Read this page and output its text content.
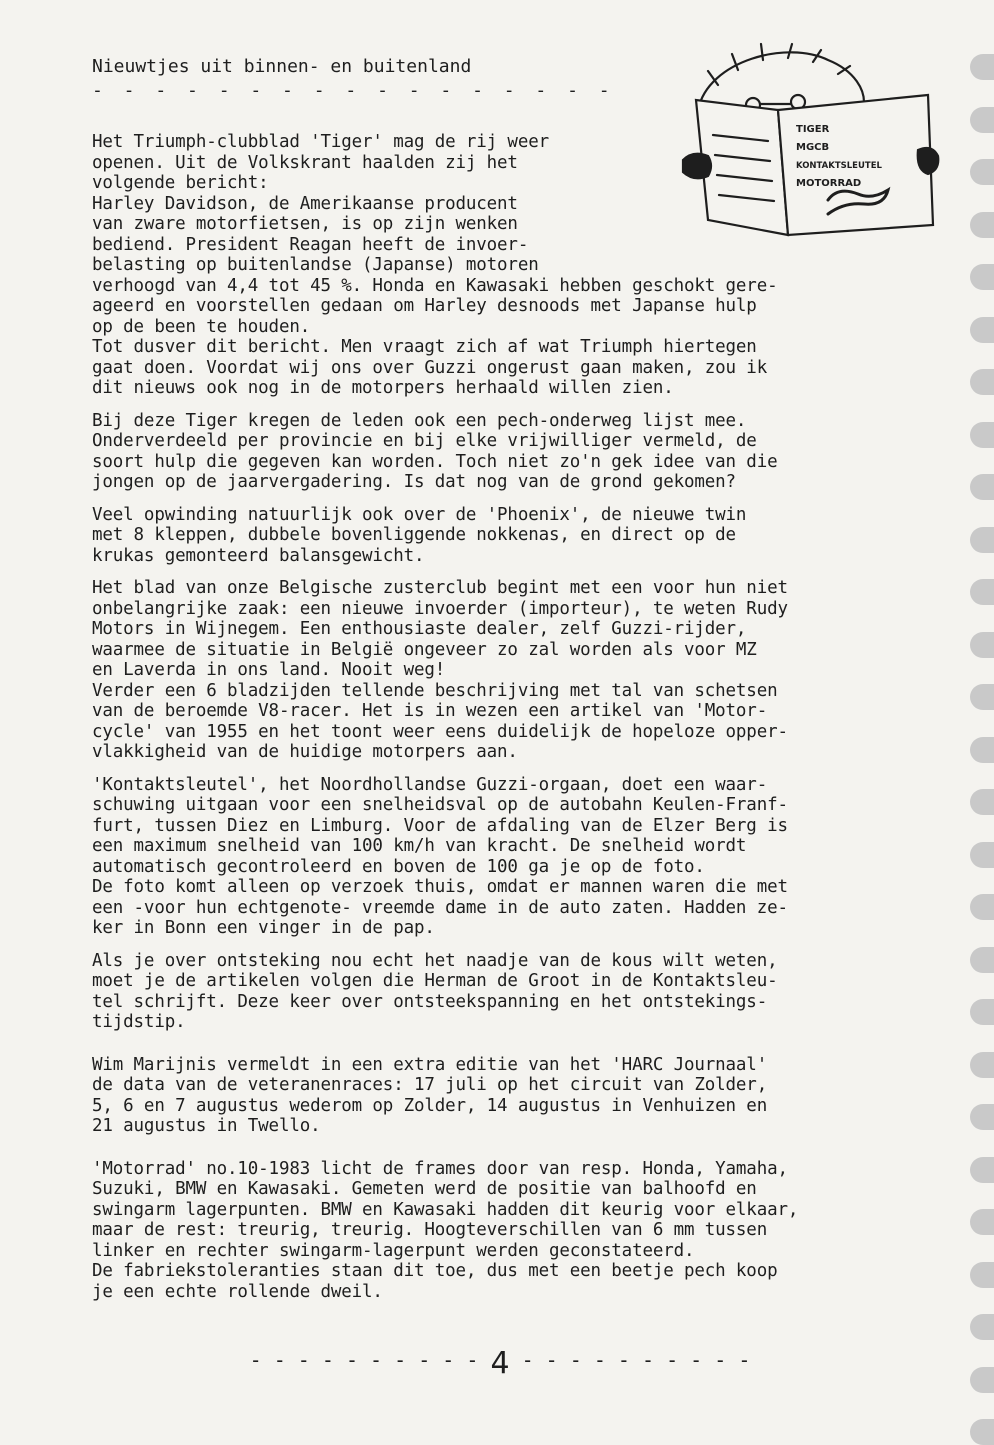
Nieuwtjes uit binnen- en buitenland
- - - - - - - - - - - - - - - - -
TIGER
MGCB
KONTAKTSLEUTEL
MOTORRAD
Het Triumph-clubblad 'Tiger' mag de rij weer
openen. Uit de Volkskrant haalden zij het
volgende bericht:
Harley Davidson, de Amerikaanse producent
van zware motorfietsen, is op zijn wenken
bediend. President Reagan heeft de invoer-
belasting op buitenlandse (Japanse) motoren
verhoogd van 4,4 tot 45 %. Honda en Kawasaki hebben geschokt gere-
ageerd en voorstellen gedaan om Harley desnoods met Japanse hulp
op de been te houden.
Tot dusver dit bericht. Men vraagt zich af wat Triumph hiertegen
gaat doen. Voordat wij ons over Guzzi ongerust gaan maken, zou ik
dit nieuws ook nog in de motorpers herhaald willen zien.
Bij deze Tiger kregen de leden ook een pech-onderweg lijst mee.
Onderverdeeld per provincie en bij elke vrijwilliger vermeld, de
soort hulp die gegeven kan worden. Toch niet zo'n gek idee van die
jongen op de jaarvergadering. Is dat nog van de grond gekomen?
Veel opwinding natuurlijk ook over de 'Phoenix', de nieuwe twin
met 8 kleppen, dubbele bovenliggende nokkenas, en direct op de
krukas gemonteerd balansgewicht.
Het blad van onze Belgische zusterclub begint met een voor hun niet
onbelangrijke zaak: een nieuwe invoerder (importeur), te weten Rudy
Motors in Wijnegem. Een enthousiaste dealer, zelf Guzzi-rijder,
waarmee de situatie in België ongeveer zo zal worden als voor MZ
en Laverda in ons land. Nooit weg!
Verder een 6 bladzijden tellende beschrijving met tal van schetsen
van de beroemde V8-racer. Het is in wezen een artikel van 'Motor-
cycle' van 1955 en het toont weer eens duidelijk de hopeloze opper-
vlakkigheid van de huidige motorpers aan.
'Kontaktsleutel', het Noordhollandse Guzzi-orgaan, doet een waar-
schuwing uitgaan voor een snelheidsval op de autobahn Keulen-Franf-
furt, tussen Diez en Limburg. Voor de afdaling van de Elzer Berg is
een maximum snelheid van 100 km/h van kracht. De snelheid wordt
automatisch gecontroleerd en boven de 100 ga je op de foto.
De foto komt alleen op verzoek thuis, omdat er mannen waren die met
een -voor hun echtgenote- vreemde dame in de auto zaten. Hadden ze-
ker in Bonn een vinger in de pap.
Als je over ontsteking nou echt het naadje van de kous wilt weten,
moet je de artikelen volgen die Herman de Groot in de Kontaktsleu-
tel schrijft. Deze keer over ontsteekspanning en het ontstekings-
tijdstip.
Wim Marijnis vermeldt in een extra editie van het 'HARC Journaal'
de data van de veteranenraces: 17 juli op het circuit van Zolder,
5, 6 en 7 augustus wederom op Zolder, 14 augustus in Venhuizen en
21 augustus in Twello.
'Motorrad' no.10-1983 licht de frames door van resp. Honda, Yamaha,
Suzuki, BMW en Kawasaki. Gemeten werd de positie van balhoofd en
swingarm lagerpunten. BMW en Kawasaki hadden dit keurig voor elkaar,
maar de rest: treurig, treurig. Hoogteverschillen van 6 mm tussen
linker en rechter swingarm-lagerpunt werden geconstateerd.
De fabriekstoleranties staan dit toe, dus met een beetje pech koop
je een echte rollende dweil.
- - - - - - - - - - 4 - - - - - - - - - -
